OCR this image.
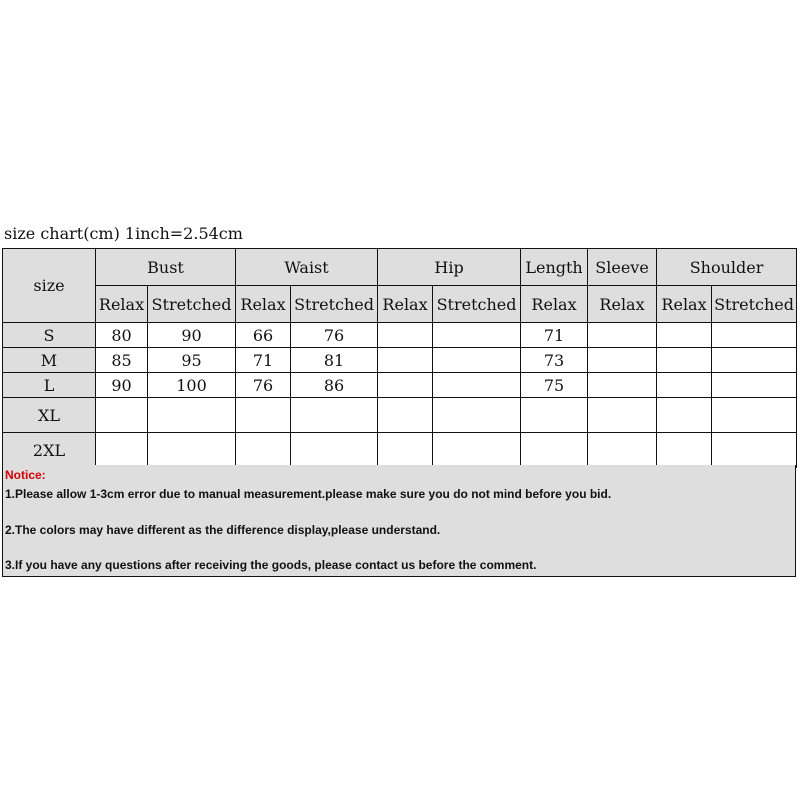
size chart(cm) 1inch=2.54cm
size	Bust		Waist		Hip		Length	Sleeve	Shoulder	
	Relax	Stretched	Relax	Stretched	Relax	Stretched	Relax	Relax	Relax	Stretched
S	80	90	66	76			71			
M	85	95	71	81			73			
L	90	100	76	86			75			
XL										
2XL										
Notice:
1.Please allow 1-3cm error due to manual measurement.please make sure you do not mind before you bid.
2.The colors may have different as the difference display,please understand.
3.If you have any questions after receiving the goods, please contact us before the comment.
